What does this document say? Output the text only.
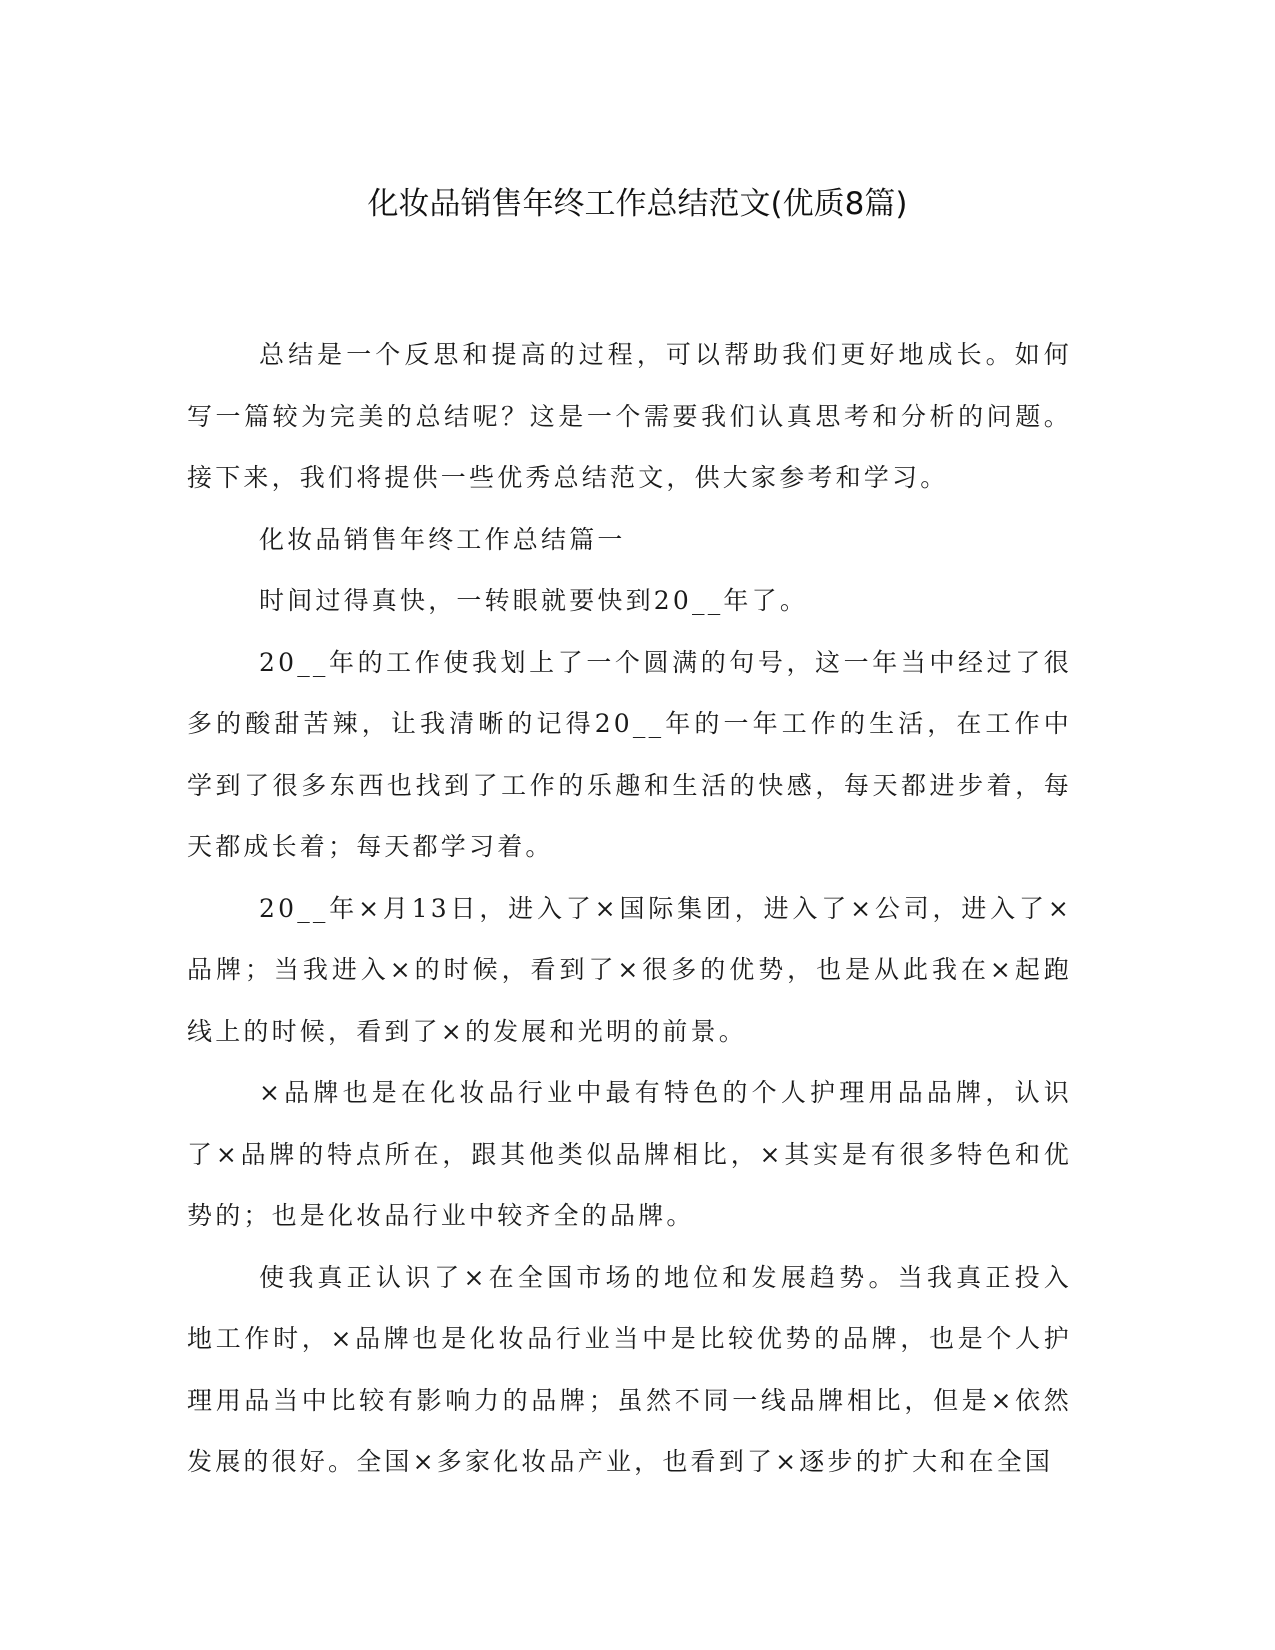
化妆品销售年终工作总结范文(优质8篇)

总结是一个反思和提高的过程，可以帮助我们更好地成长。如何写一篇较为完美的总结呢？这是一个需要我们认真思考和分析的问题。接下来，我们将提供一些优秀总结范文，供大家参考和学习。

化妆品销售年终工作总结篇一

时间过得真快，一转眼就要快到20__年了。

20__年的工作使我划上了一个圆满的句号，这一年当中经过了很多的酸甜苦辣，让我清晰的记得20__年的一年工作的生活，在工作中学到了很多东西也找到了工作的乐趣和生活的快感，每天都进步着，每天都成长着；每天都学习着。

20__年×月13日，进入了×国际集团，进入了×公司，进入了×品牌；当我进入×的时候，看到了×很多的优势，也是从此我在×起跑线上的时候，看到了×的发展和光明的前景。

×品牌也是在化妆品行业中最有特色的个人护理用品品牌，认识了×品牌的特点所在，跟其他类似品牌相比，×其实是有很多特色和优势的；也是化妆品行业中较齐全的品牌。

使我真正认识了×在全国市场的地位和发展趋势。当我真正投入地工作时，×品牌也是化妆品行业当中是比较优势的品牌，也是个人护理用品当中比较有影响力的品牌；虽然不同一线品牌相比，但是×依然发展的很好。全国×多家化妆品产业，也看到了×逐步的扩大和在全国
